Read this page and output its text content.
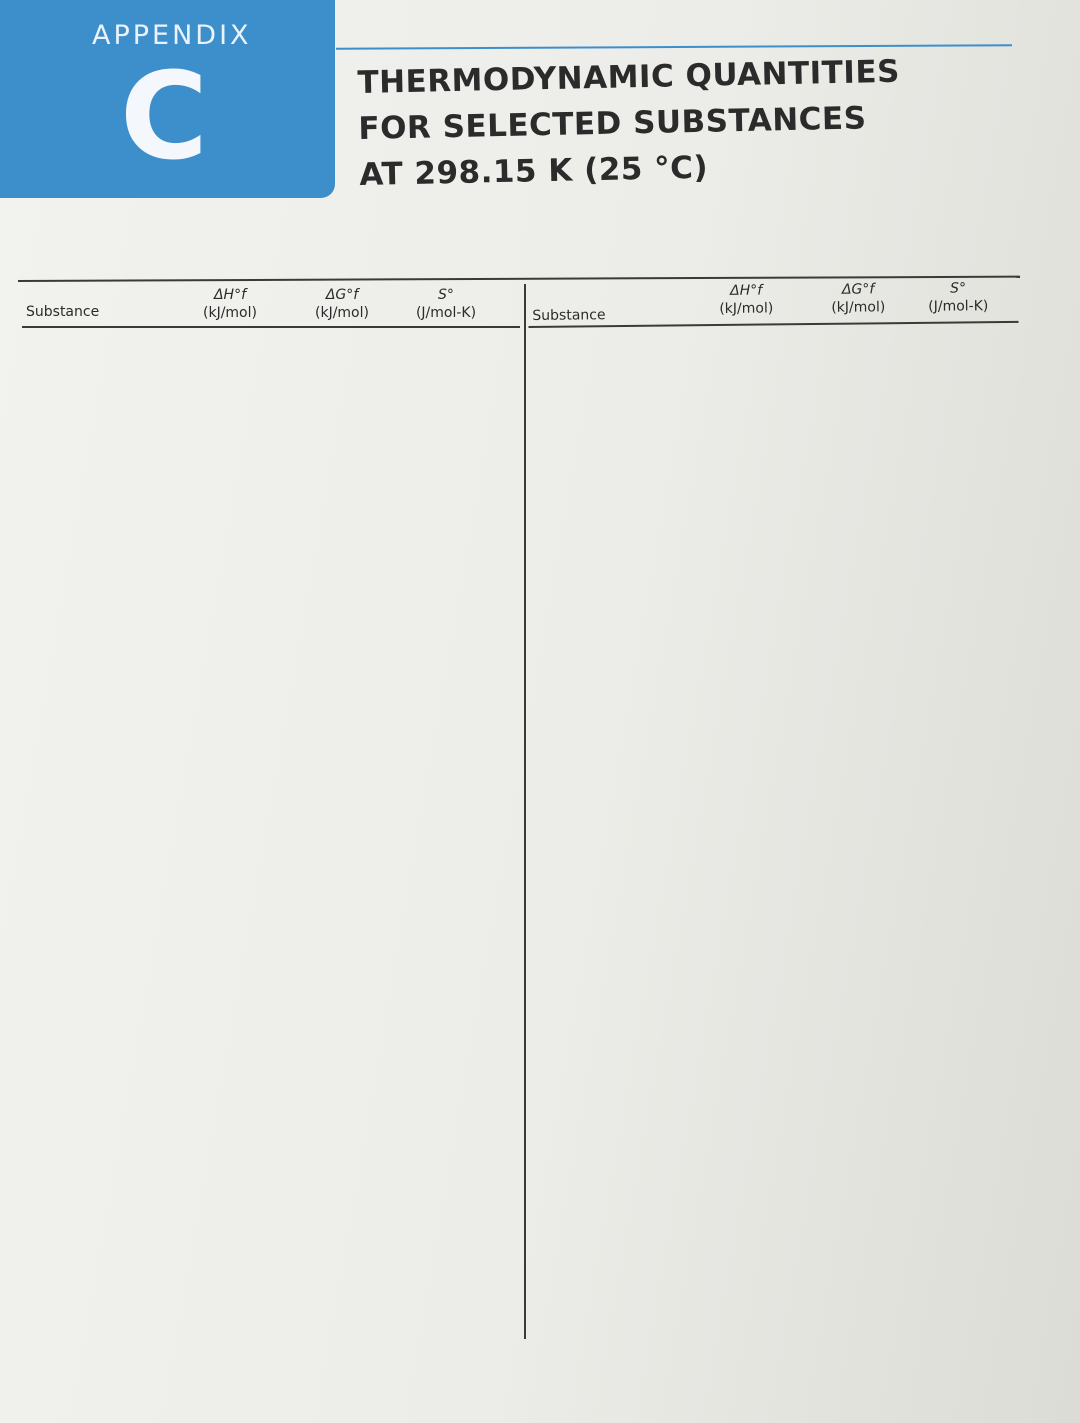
APPENDIX
C	THERMODYNAMIC QUANTITIES
FOR SELECTED SUBSTANCES
AT 298.15 K (25 °C)
Substance
ΔH°f
(kJ/mol)
ΔG°f
(kJ/mol)
S°
(J/mol-K)	Substance
ΔH°f
(kJ/mol)
ΔG°f
(kJ/mol)
S°
(J/mol-K)
